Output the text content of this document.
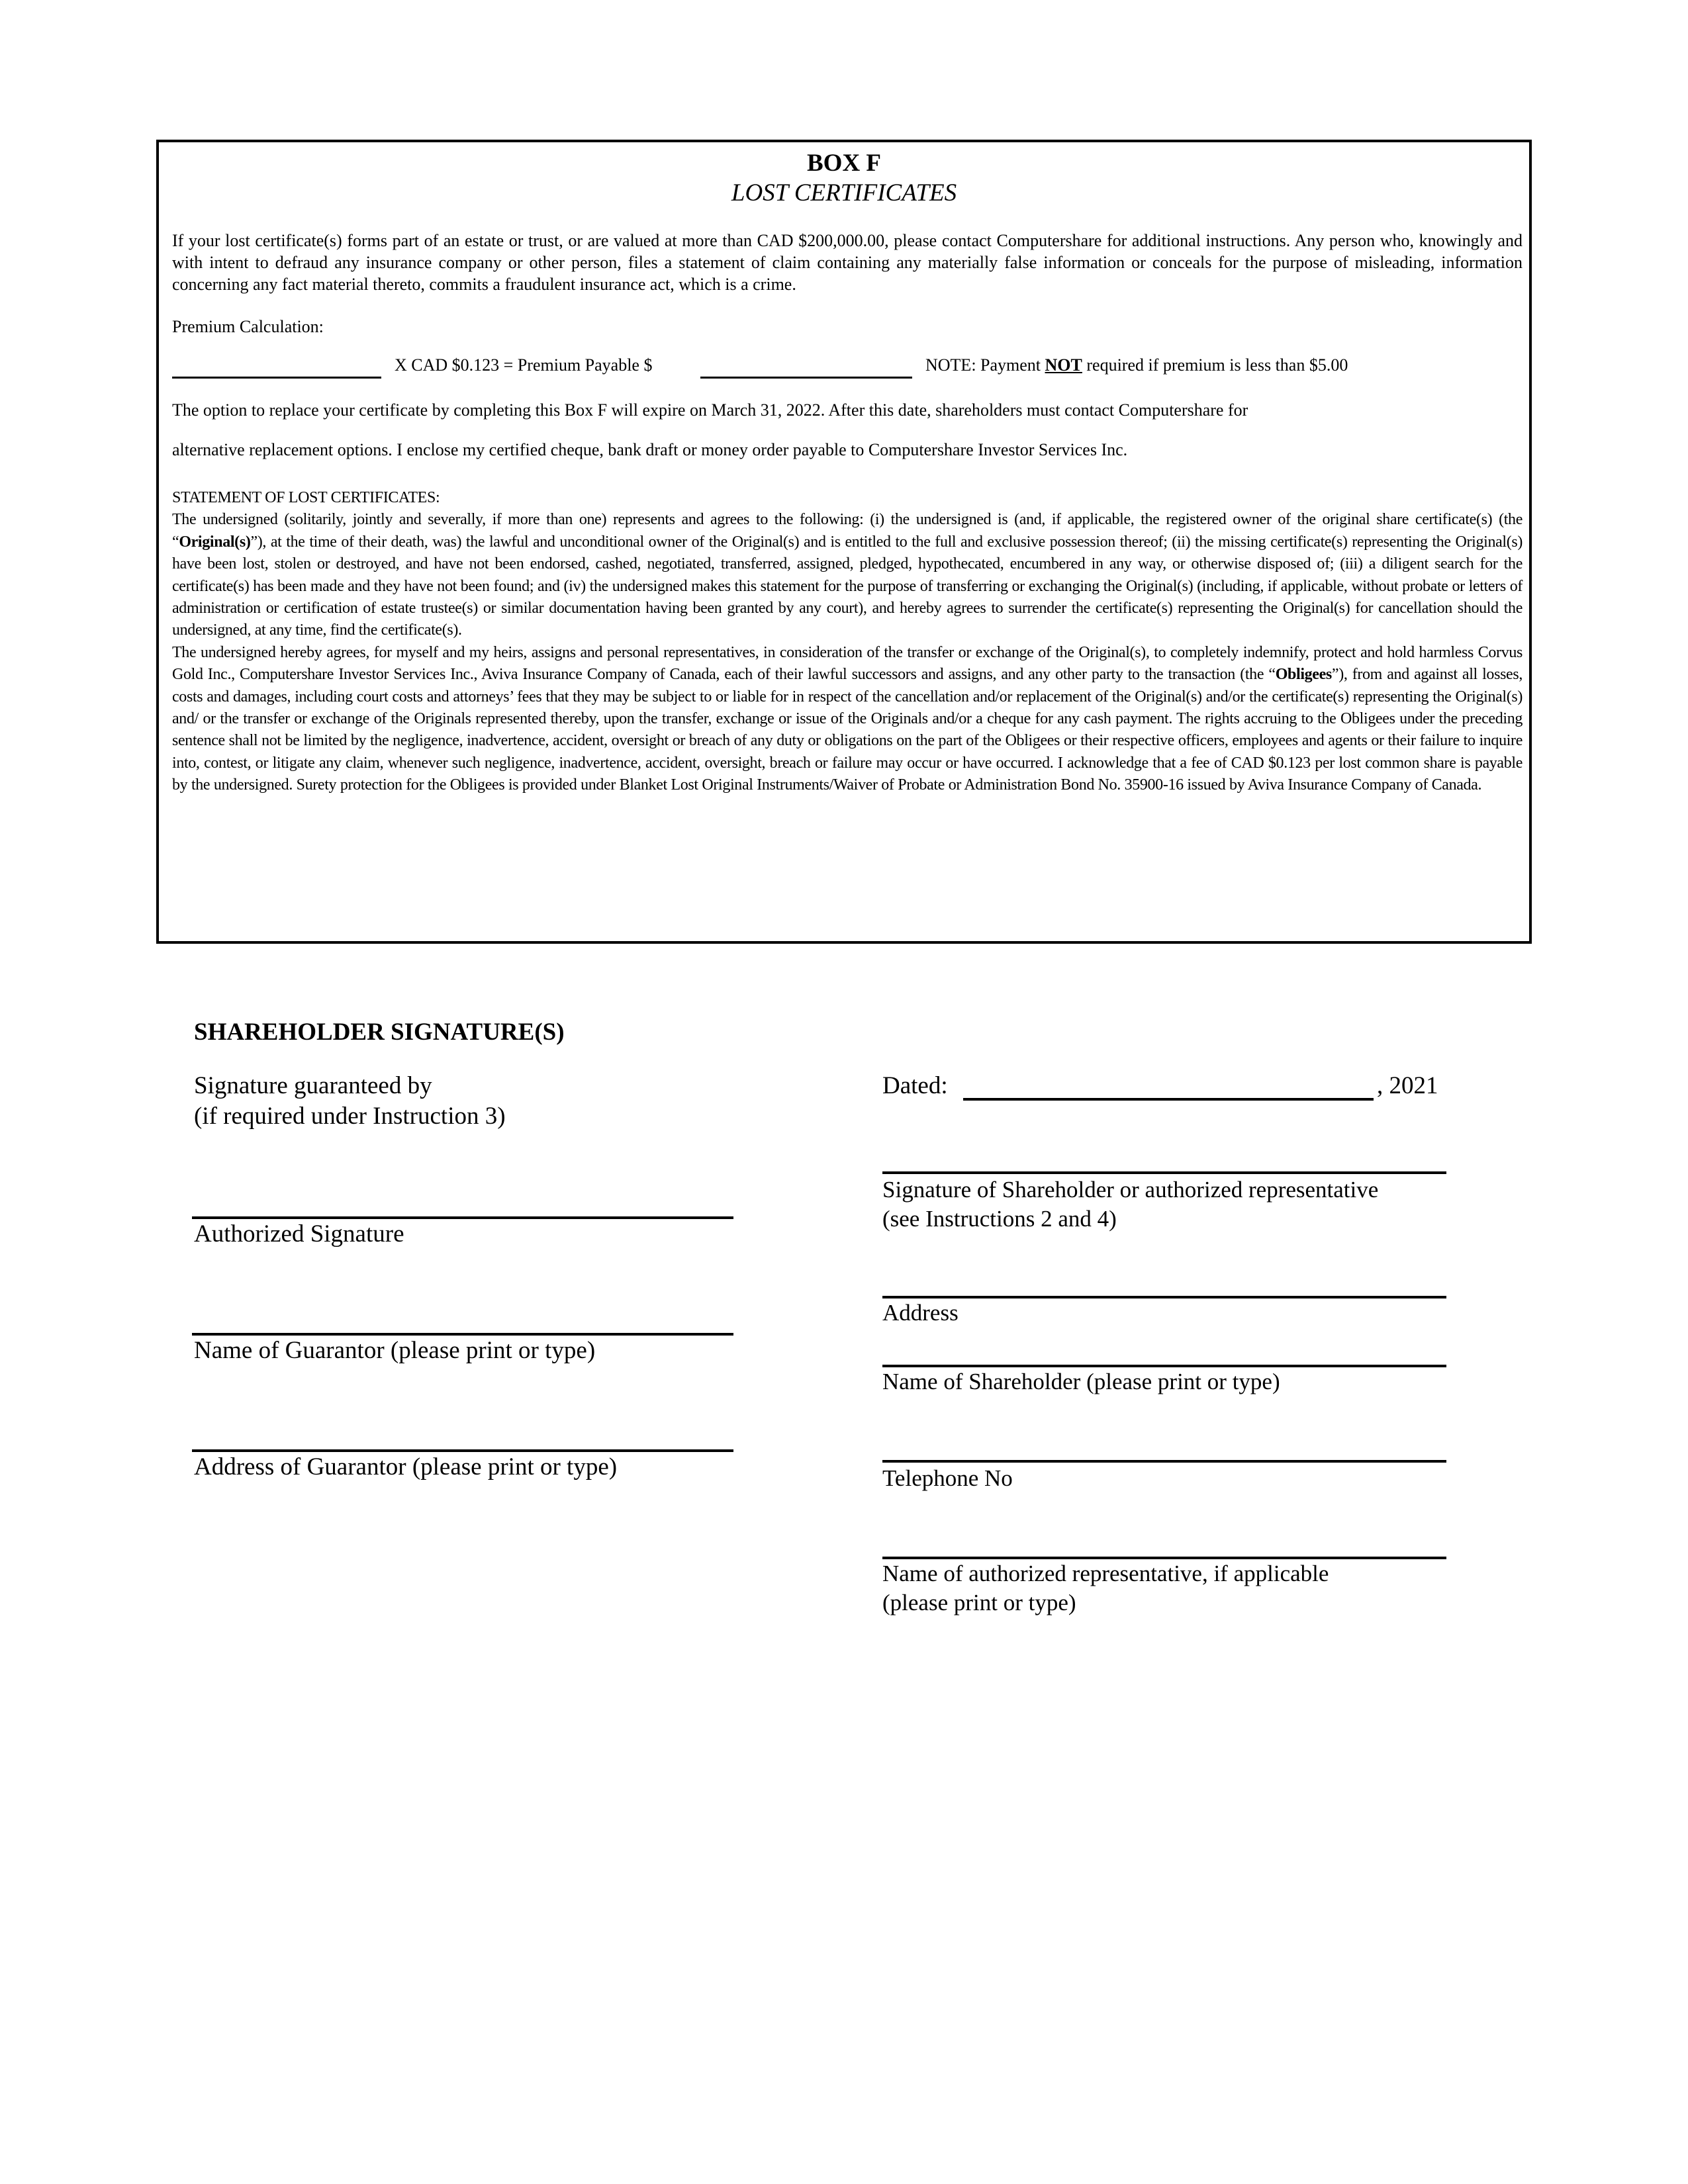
BOX F
LOST CERTIFICATES
If your lost certificate(s) forms part of an estate or trust, or are valued at more than CAD $200,000.00, please contact Computershare for additional instructions. Any person who, knowingly and with intent to defraud any insurance company or other person, files a statement of claim containing any materially false information or conceals for the purpose of misleading, information concerning any fact material thereto, commits a fraudulent insurance act, which is a crime.
Premium Calculation:
X CAD $0.123 = Premium Payable $	NOTE: Payment NOT required if premium is less than $5.00
The option to replace your certificate by completing this Box F will expire on March 31, 2022. After this date, shareholders must contact Computershare for
alternative replacement options. I enclose my certified cheque, bank draft or money order payable to Computershare Investor Services Inc.

STATEMENT OF LOST CERTIFICATES:

The undersigned (solitarily, jointly and severally, if more than one) represents and agrees to the following: (i) the undersigned is (and, if applicable, the registered owner of the original share certificate(s) (the “Original(s)”), at the time of their death, was) the lawful and unconditional owner of the Original(s) and is entitled to the full and exclusive possession thereof; (ii) the missing certificate(s) representing the Original(s) have been lost, stolen or destroyed, and have not been endorsed, cashed, negotiated, transferred, assigned, pledged, hypothecated, encumbered in any way, or otherwise disposed of; (iii) a diligent search for the certificate(s) has been made and they have not been found; and (iv) the undersigned makes this statement for the purpose of transferring or exchanging the Original(s) (including, if applicable, without probate or letters of administration or certification of estate trustee(s) or similar documentation having been granted by any court), and hereby agrees to surrender the certificate(s) representing the Original(s) for cancellation should the undersigned, at any time, find the certificate(s).

The undersigned hereby agrees, for myself and my heirs, assigns and personal representatives, in consideration of the transfer or exchange of the Original(s), to completely indemnify, protect and hold harmless Corvus Gold Inc., Computershare Investor Services Inc., Aviva Insurance Company of Canada, each of their lawful successors and assigns, and any other party to the transaction (the “Obligees”), from and against all losses, costs and damages, including court costs and attorneys’ fees that they may be subject to or liable for in respect of the cancellation and/or replacement of the Original(s) and/or the certificate(s) representing the Original(s) and/ or the transfer or exchange of the Originals represented thereby, upon the transfer, exchange or issue of the Originals and/or a cheque for any cash payment. The rights accruing to the Obligees under the preceding sentence shall not be limited by the negligence, inadvertence, accident, oversight or breach of any duty or obligations on the part of the Obligees or their respective officers, employees and agents or their failure to inquire into, contest, or litigate any claim, whenever such negligence, inadvertence, accident, oversight, breach or failure may occur or have occurred. I acknowledge that a fee of CAD $0.123 per lost common share is payable by the undersigned. Surety protection for the Obligees is provided under Blanket Lost Original Instruments/Waiver of Probate or Administration Bond No. 35900-16 issued by Aviva Insurance Company of Canada.

SHAREHOLDER SIGNATURE(S)
Signature guaranteed by
(if required under Instruction 3)
Authorized Signature
Name of Guarantor (please print or type)
Address of Guarantor (please print or type)
Dated:	, 2021
Signature of Shareholder or authorized representative
(see Instructions 2 and 4)
Address
Name of Shareholder (please print or type)
Telephone No
Name of authorized representative, if applicable
(please print or type)
